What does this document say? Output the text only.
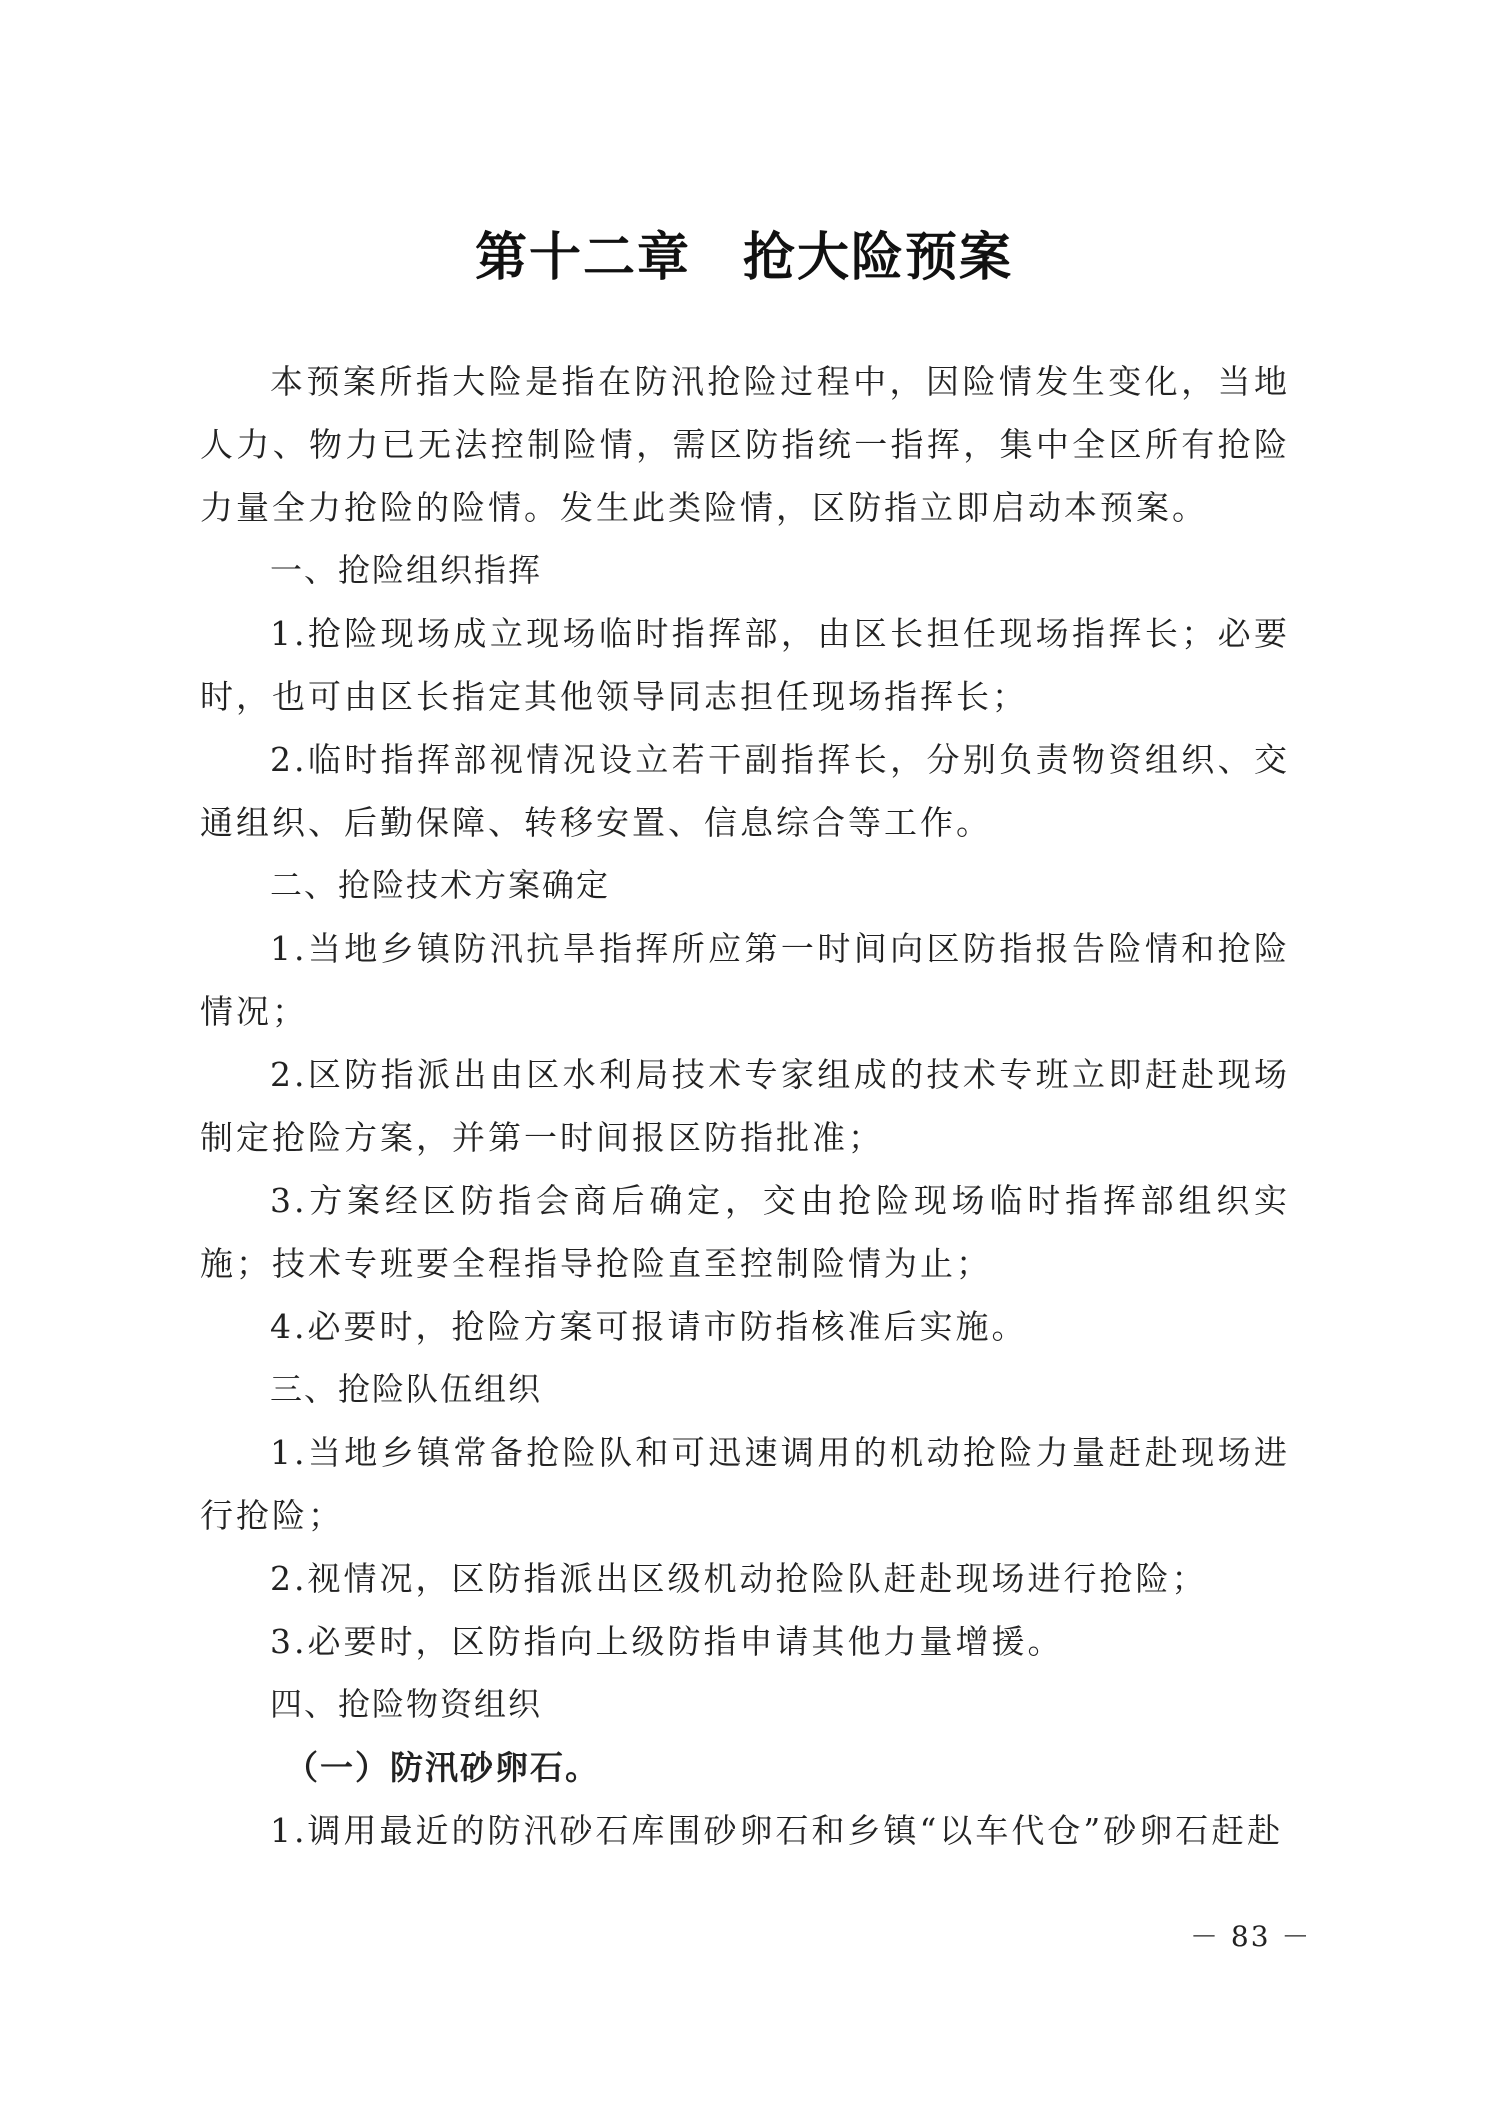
第十二章 抢大险预案

本预案所指大险是指在防汛抢险过程中，因险情发生变化，当地人力、物力已无法控制险情，需区防指统一指挥，集中全区所有抢险力量全力抢险的险情。发生此类险情，区防指立即启动本预案。

一、抢险组织指挥

1.抢险现场成立现场临时指挥部，由区长担任现场指挥长；必要时，也可由区长指定其他领导同志担任现场指挥长；

2.临时指挥部视情况设立若干副指挥长，分别负责物资组织、交通组织、后勤保障、转移安置、信息综合等工作。

二、抢险技术方案确定

1.当地乡镇防汛抗旱指挥所应第一时间向区防指报告险情和抢险情况；

2.区防指派出由区水利局技术专家组成的技术专班立即赶赴现场制定抢险方案，并第一时间报区防指批准；

3.方案经区防指会商后确定，交由抢险现场临时指挥部组织实施；技术专班要全程指导抢险直至控制险情为止；

4.必要时，抢险方案可报请市防指核准后实施。

三、抢险队伍组织

1.当地乡镇常备抢险队和可迅速调用的机动抢险力量赶赴现场进行抢险；

2.视情况，区防指派出区级机动抢险队赶赴现场进行抢险；

3.必要时，区防指向上级防指申请其他力量增援。

四、抢险物资组织

（一）防汛砂卵石。

1.调用最近的防汛砂石库围砂卵石和乡镇“以车代仓”砂卵石赶赴

－ 83 －
